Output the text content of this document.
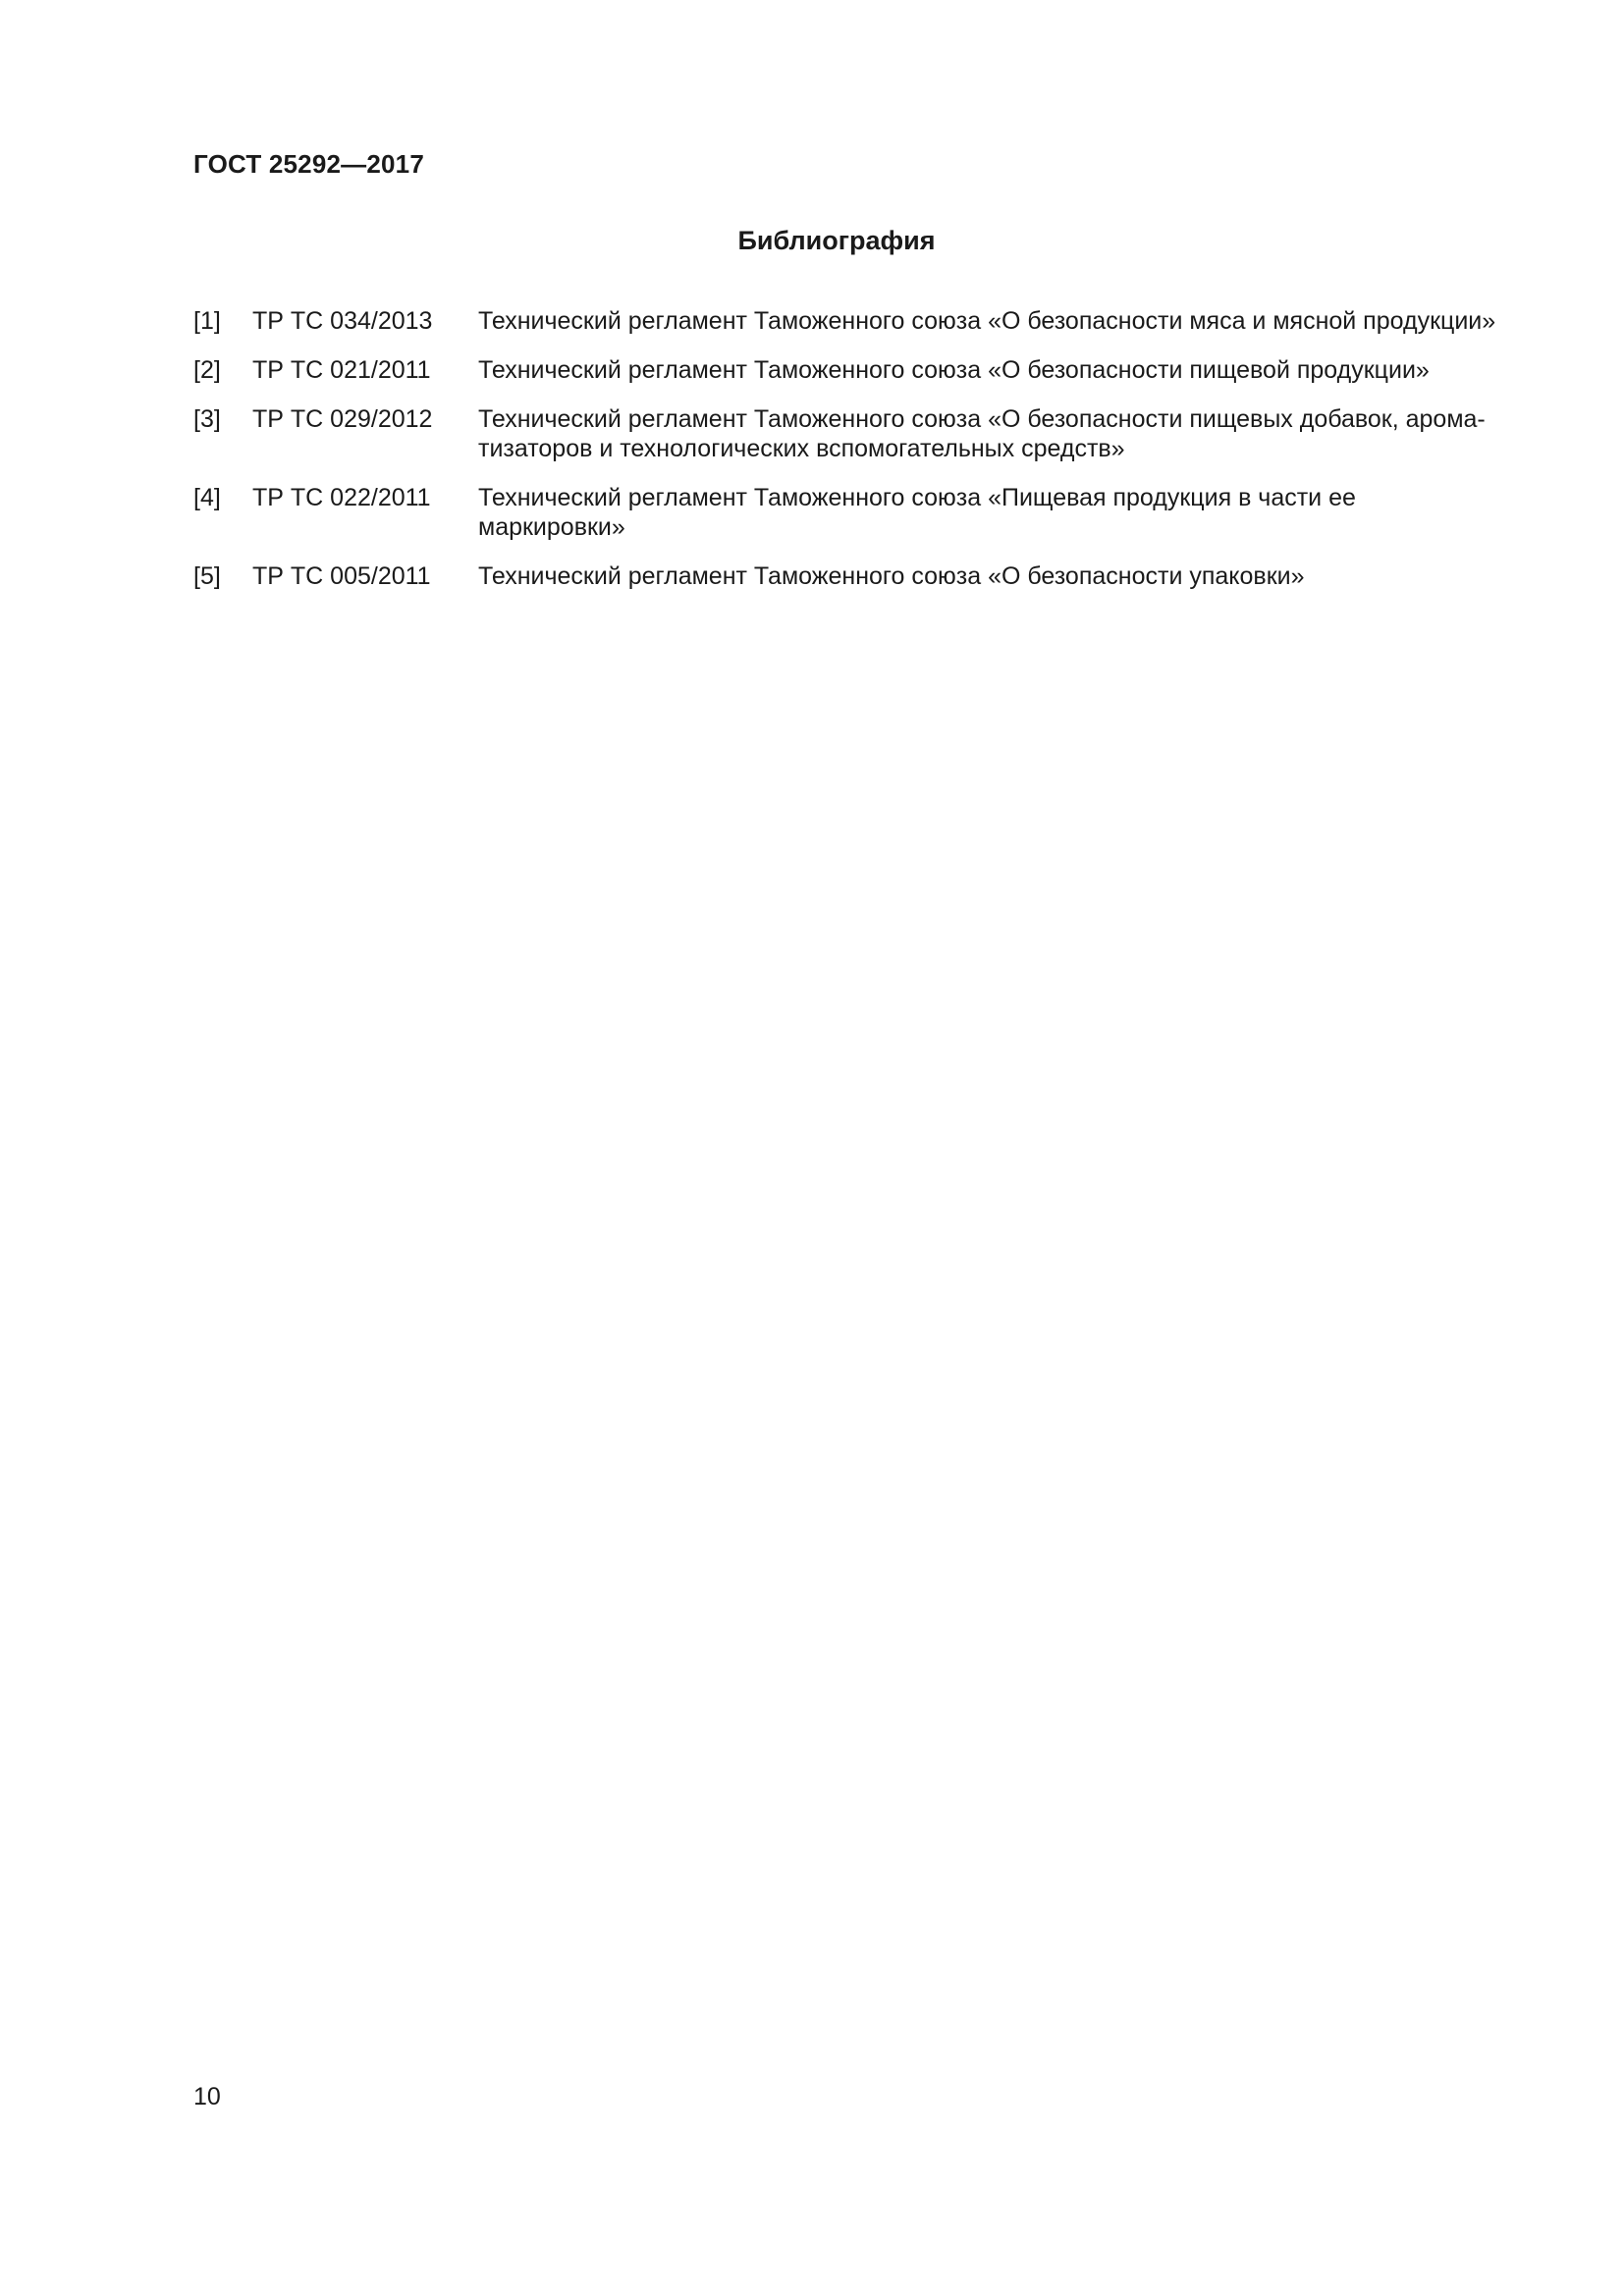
ГОСТ 25292—2017
Библиография
[1]	ТР ТС 034/2013	Технический регламент Таможенного союза «О безопасности мяса и мясной продукции»
[2]	ТР ТС 021/2011	Технический регламент Таможенного союза «О безопасности пищевой продукции»
[3]	ТР ТС 029/2012	Технический регламент Таможенного союза «О безопасности пищевых добавок, ароматизаторов и технологических вспомогательных средств»
[4]	ТР ТС 022/2011	Технический регламент Таможенного союза «Пищевая продукция в части ее маркировки»
[5]	ТР ТС 005/2011	Технический регламент Таможенного союза «О безопасности упаковки»
10
